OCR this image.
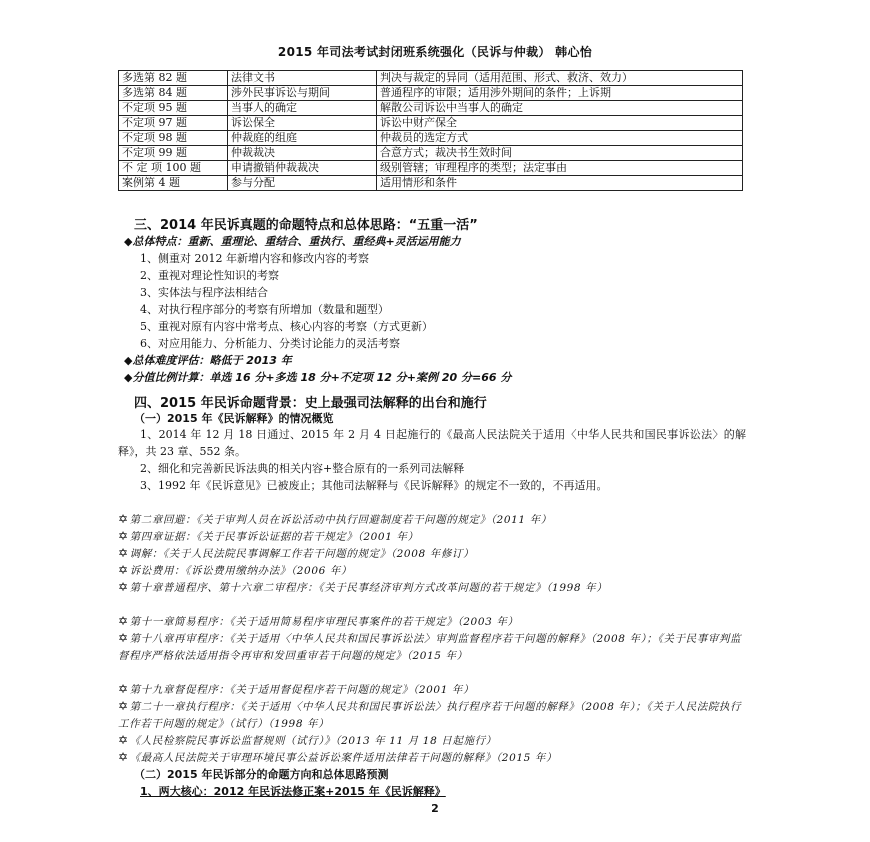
2015 年司法考试封闭班系统强化（民诉与仲裁） 韩心怡
多选第 82 题	法律文书	判决与裁定的异同（适用范围、形式、救济、效力）
多选第 84 题	涉外民事诉讼与期间	普通程序的审限；适用涉外期间的条件；上诉期
不定项 95 题	当事人的确定	解散公司诉讼中当事人的确定
不定项 97 题	诉讼保全	诉讼中财产保全
不定项 98 题	仲裁庭的组庭	仲裁员的选定方式
不定项 99 题	仲裁裁决	合意方式；裁决书生效时间
不 定 项 100 题	申请撤销仲裁裁决	级别管辖；审理程序的类型；法定事由
案例第 4 题	参与分配	适用情形和条件
三、2014 年民诉真题的命题特点和总体思路：“五重一活”
◆总体特点：重新、重理论、重结合、重执行、重经典+灵活运用能力
1、侧重对 2012 年新增内容和修改内容的考察
2、重视对理论性知识的考察
3、实体法与程序法相结合
4、对执行程序部分的考察有所增加（数量和题型）
5、重视对原有内容中常考点、核心内容的考察（方式更新）
6、对应用能力、分析能力、分类讨论能力的灵活考察
◆总体难度评估：略低于 2013 年
◆分值比例计算：单选 16 分+多选 18 分+不定项 12 分+案例 20 分=66 分
四、2015 年民诉命题背景：史上最强司法解释的出台和施行
（一）2015 年《民诉解释》的情况概览
1、2014 年 12 月 18 日通过、2015 年 2 月 4 日起施行的《最高人民法院关于适用〈中华人民共和国民事诉讼法〉的解释》，共 23 章、552 条。
2、细化和完善新民诉法典的相关内容+整合原有的一系列司法解释
3、1992 年《民诉意见》已被废止；其他司法解释与《民诉解释》的规定不一致的，不再适用。
✡第二章回避：《关于审判人员在诉讼活动中执行回避制度若干问题的规定》（2011 年）
✡第四章证据：《关于民事诉讼证据的若干规定》（2001 年）
✡调解：《关于人民法院民事调解工作若干问题的规定》（2008 年修订）
✡诉讼费用：《诉讼费用缴纳办法》（2006 年）
✡第十章普通程序、第十六章二审程序：《关于民事经济审判方式改革问题的若干规定》（1998 年）
✡第十一章简易程序：《关于适用简易程序审理民事案件的若干规定》（2003 年）
✡第十八章再审程序：《关于适用〈中华人民共和国民事诉讼法〉审判监督程序若干问题的解释》（2008 年）；《关于民事审判监督程序严格依法适用指令再审和发回重审若干问题的规定》（2015 年）
✡第十九章督促程序：《关于适用督促程序若干问题的规定》（2001 年）
✡第二十一章执行程序：《关于适用〈中华人民共和国民事诉讼法〉执行程序若干问题的解释》（2008 年）；《关于人民法院执行工作若干问题的规定》（试行）（1998 年）
✡《人民检察院民事诉讼监督规则（试行）》（2013 年 11 月 18 日起施行）
✡《最高人民法院关于审理环境民事公益诉讼案件适用法律若干问题的解释》（2015 年）
（二）2015 年民诉部分的命题方向和总体思路预测
1、两大核心：2012 年民诉法修正案+2015 年《民诉解释》
2
